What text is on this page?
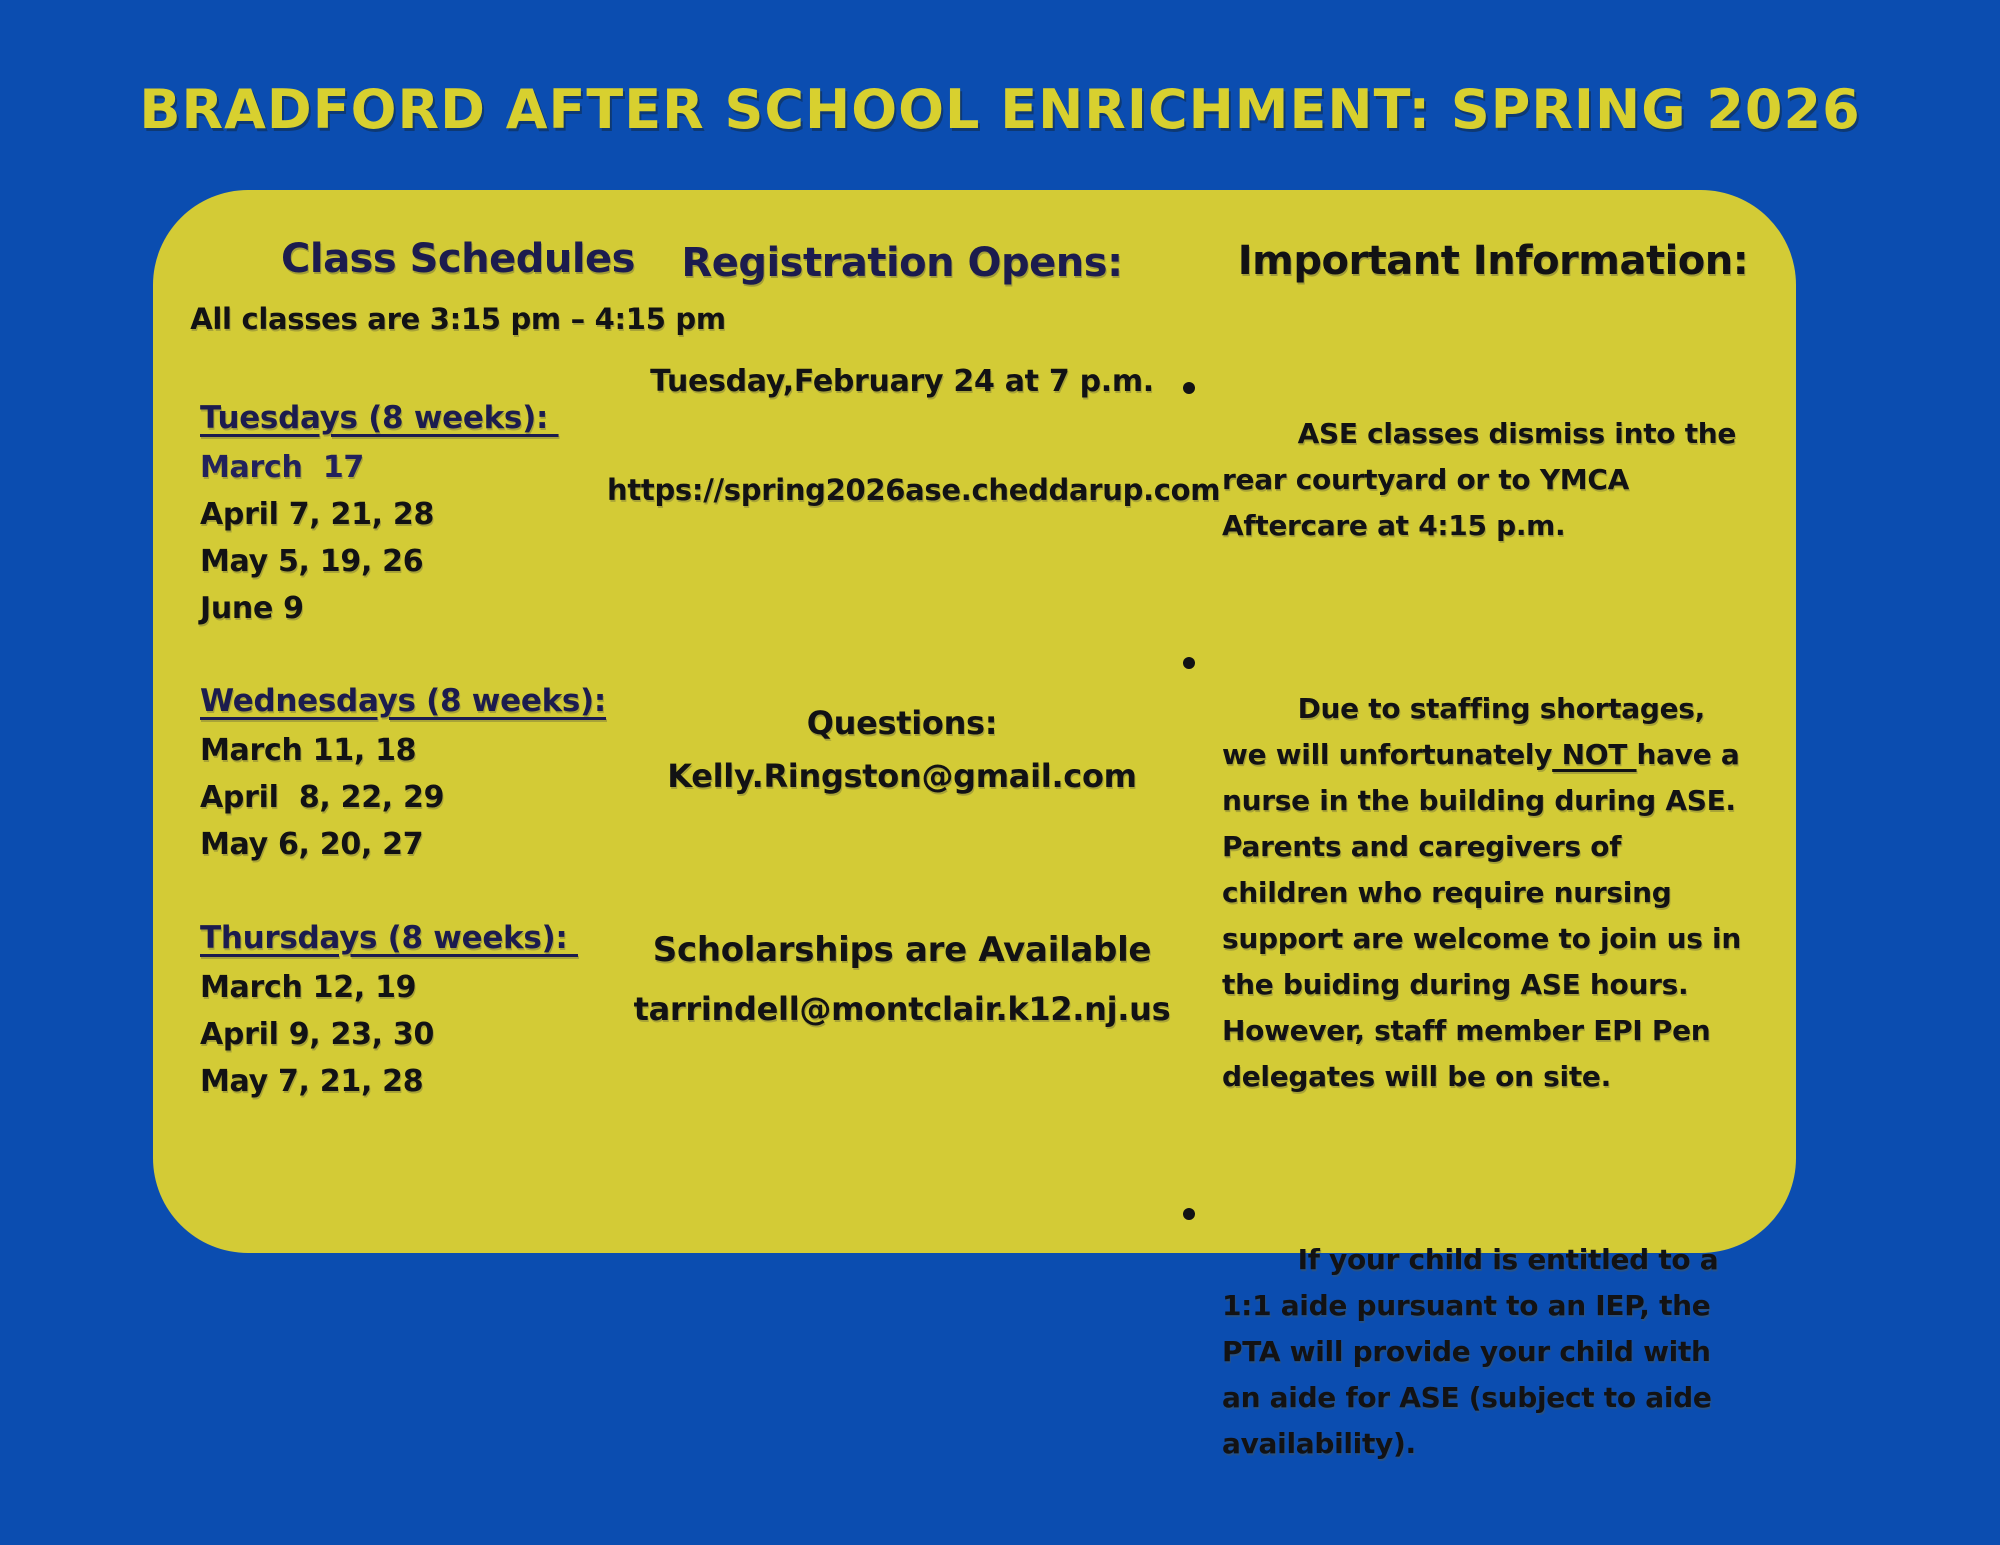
BRADFORD AFTER SCHOOL ENRICHMENT: SPRING 2026
Class Schedules
All classes are 3:15 pm – 4:15 pm
Tuesdays (8 weeks):
March  17
April 7, 21, 28
May 5, 19, 26
June 9
Wednesdays (8 weeks):
March 11, 18
April  8, 22, 29
May 6, 20, 27
Thursdays (8 weeks):
March 12, 19
April 9, 23, 30
May 7, 21, 28
Registration Opens:
Tuesday,February 24 at 7 p.m.
https://spring2026ase.cheddarup.com
Questions:
Kelly.Ringston@gmail.com
Scholarships are Available
tarrindell@montclair.k12.nj.us
Important Information:

ASE classes dismiss into the rear courtyard or to YMCA Aftercare at 4:15 p.m.

Due to staffing shortages, we will unfortunately NOT have a nurse in the building during ASE.    Parents and caregivers of children who require nursing support are welcome to join us in the buiding during ASE hours.  However, staff member EPI Pen delegates will be on site.

If your child is entitled to a 1:1 aide pursuant to an IEP, the PTA will provide your child with an aide for ASE (subject to aide availability).
